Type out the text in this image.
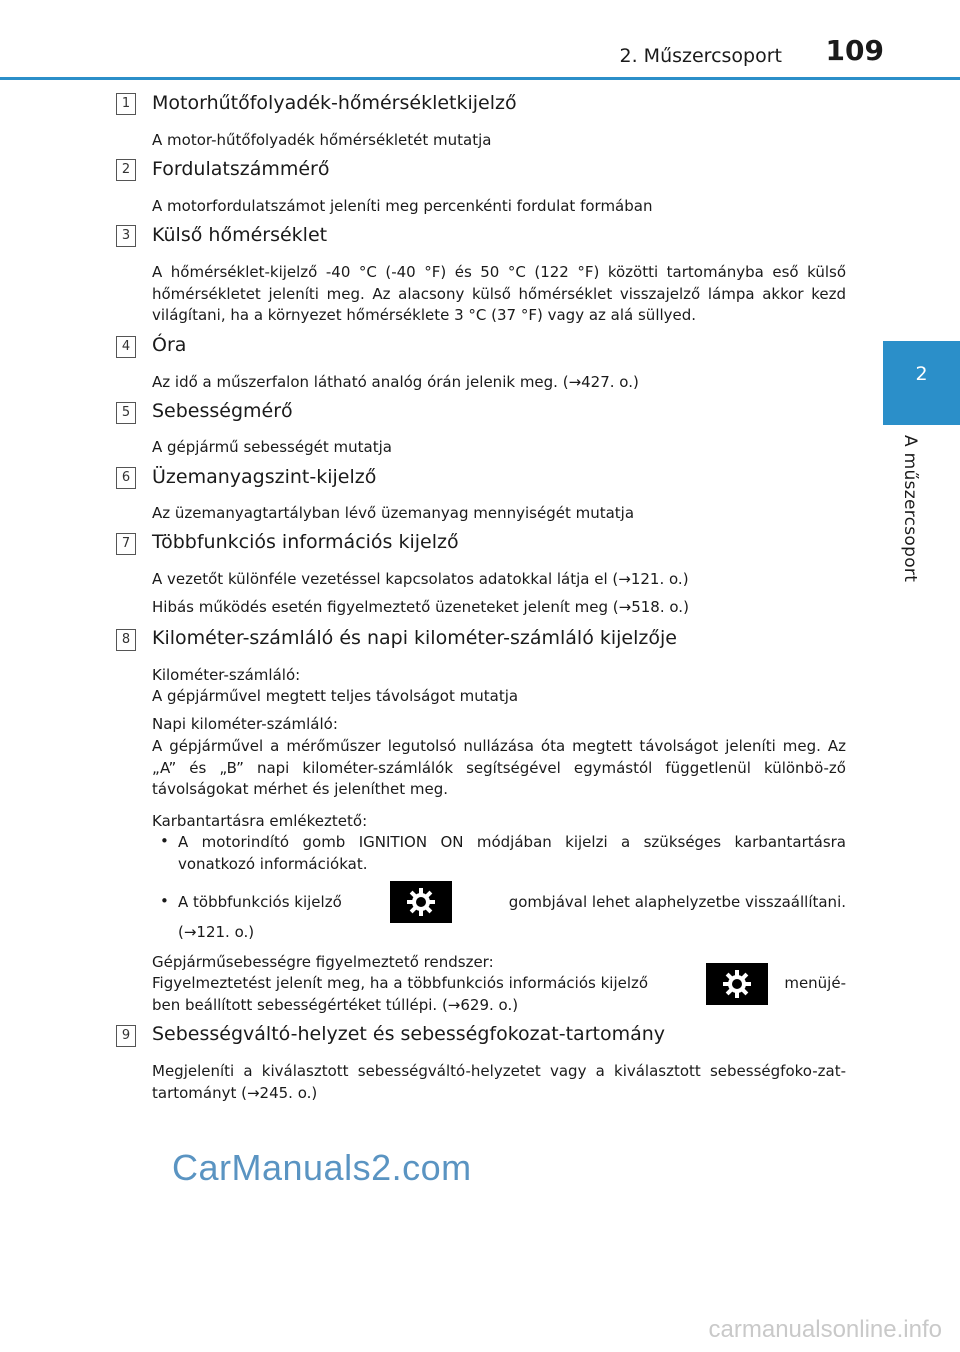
2. Műszercsoport 109
2
A műszercsoport
1	Motorhűtőfolyadék-hőmérsékletkijelző
A motor-hűtőfolyadék hőmérsékletét mutatja
2	Fordulatszámmérő
A motorfordulatszámot jeleníti meg percenkénti fordulat formában
3	Külső hőmérséklet
A hőmérséklet-kijelző -40 °C (-40 °F) és 50 °C (122 °F) közötti tartományba eső külső hőmérsékletet jeleníti meg. Az alacsony külső hőmérséklet visszajelző lámpa akkor kezd világítani, ha a környezet hőmérséklete 3 °C (37 °F) vagy az alá süllyed.
4	Óra
Az idő a műszerfalon látható analóg órán jelenik meg. (→427. o.)
5	Sebességmérő
A gépjármű sebességét mutatja
6	Üzemanyagszint-kijelző
Az üzemanyagtartályban lévő üzemanyag mennyiségét mutatja
7	Többfunkciós információs kijelző
A vezetőt különféle vezetéssel kapcsolatos adatokkal látja el (→121. o.)
Hibás működés esetén figyelmeztető üzeneteket jelenít meg (→518. o.)
8	Kilométer-számláló és napi kilométer-számláló kijelzője
Kilométer-számláló:
A gépjárművel megtett teljes távolságot mutatja
Napi kilométer-számláló:
A gépjárművel a mérőműszer legutolsó nullázása óta megtett távolságot jeleníti meg. Az „A” és „B” napi kilométer-számlálók segítségével egymástól függetlenül különbö-ző távolságokat mérhet és jeleníthet meg.
Karbantartásra emlékeztető:
• A motorindító gomb IGNITION ON módjában kijelzi a szükséges karbantartásra vonatkozó információkat.
• A többfunkciós kijelző	gombjával lehet alaphelyzetbe visszaállítani.
(→121. o.)
Gépjárműsebességre figyelmeztető rendszer:
Figyelmeztetést jelenít meg, ha a többfunkciós információs kijelző	menüjé-
ben beállított sebességértéket túllépi. (→629. o.)
9	Sebességváltó-helyzet és sebességfokozat-tartomány
Megjeleníti a kiválasztott sebességváltó-helyzetet vagy a kiválasztott sebességfoko-zat-tartományt (→245. o.)
CarManuals2.com
carmanualsonline.info
